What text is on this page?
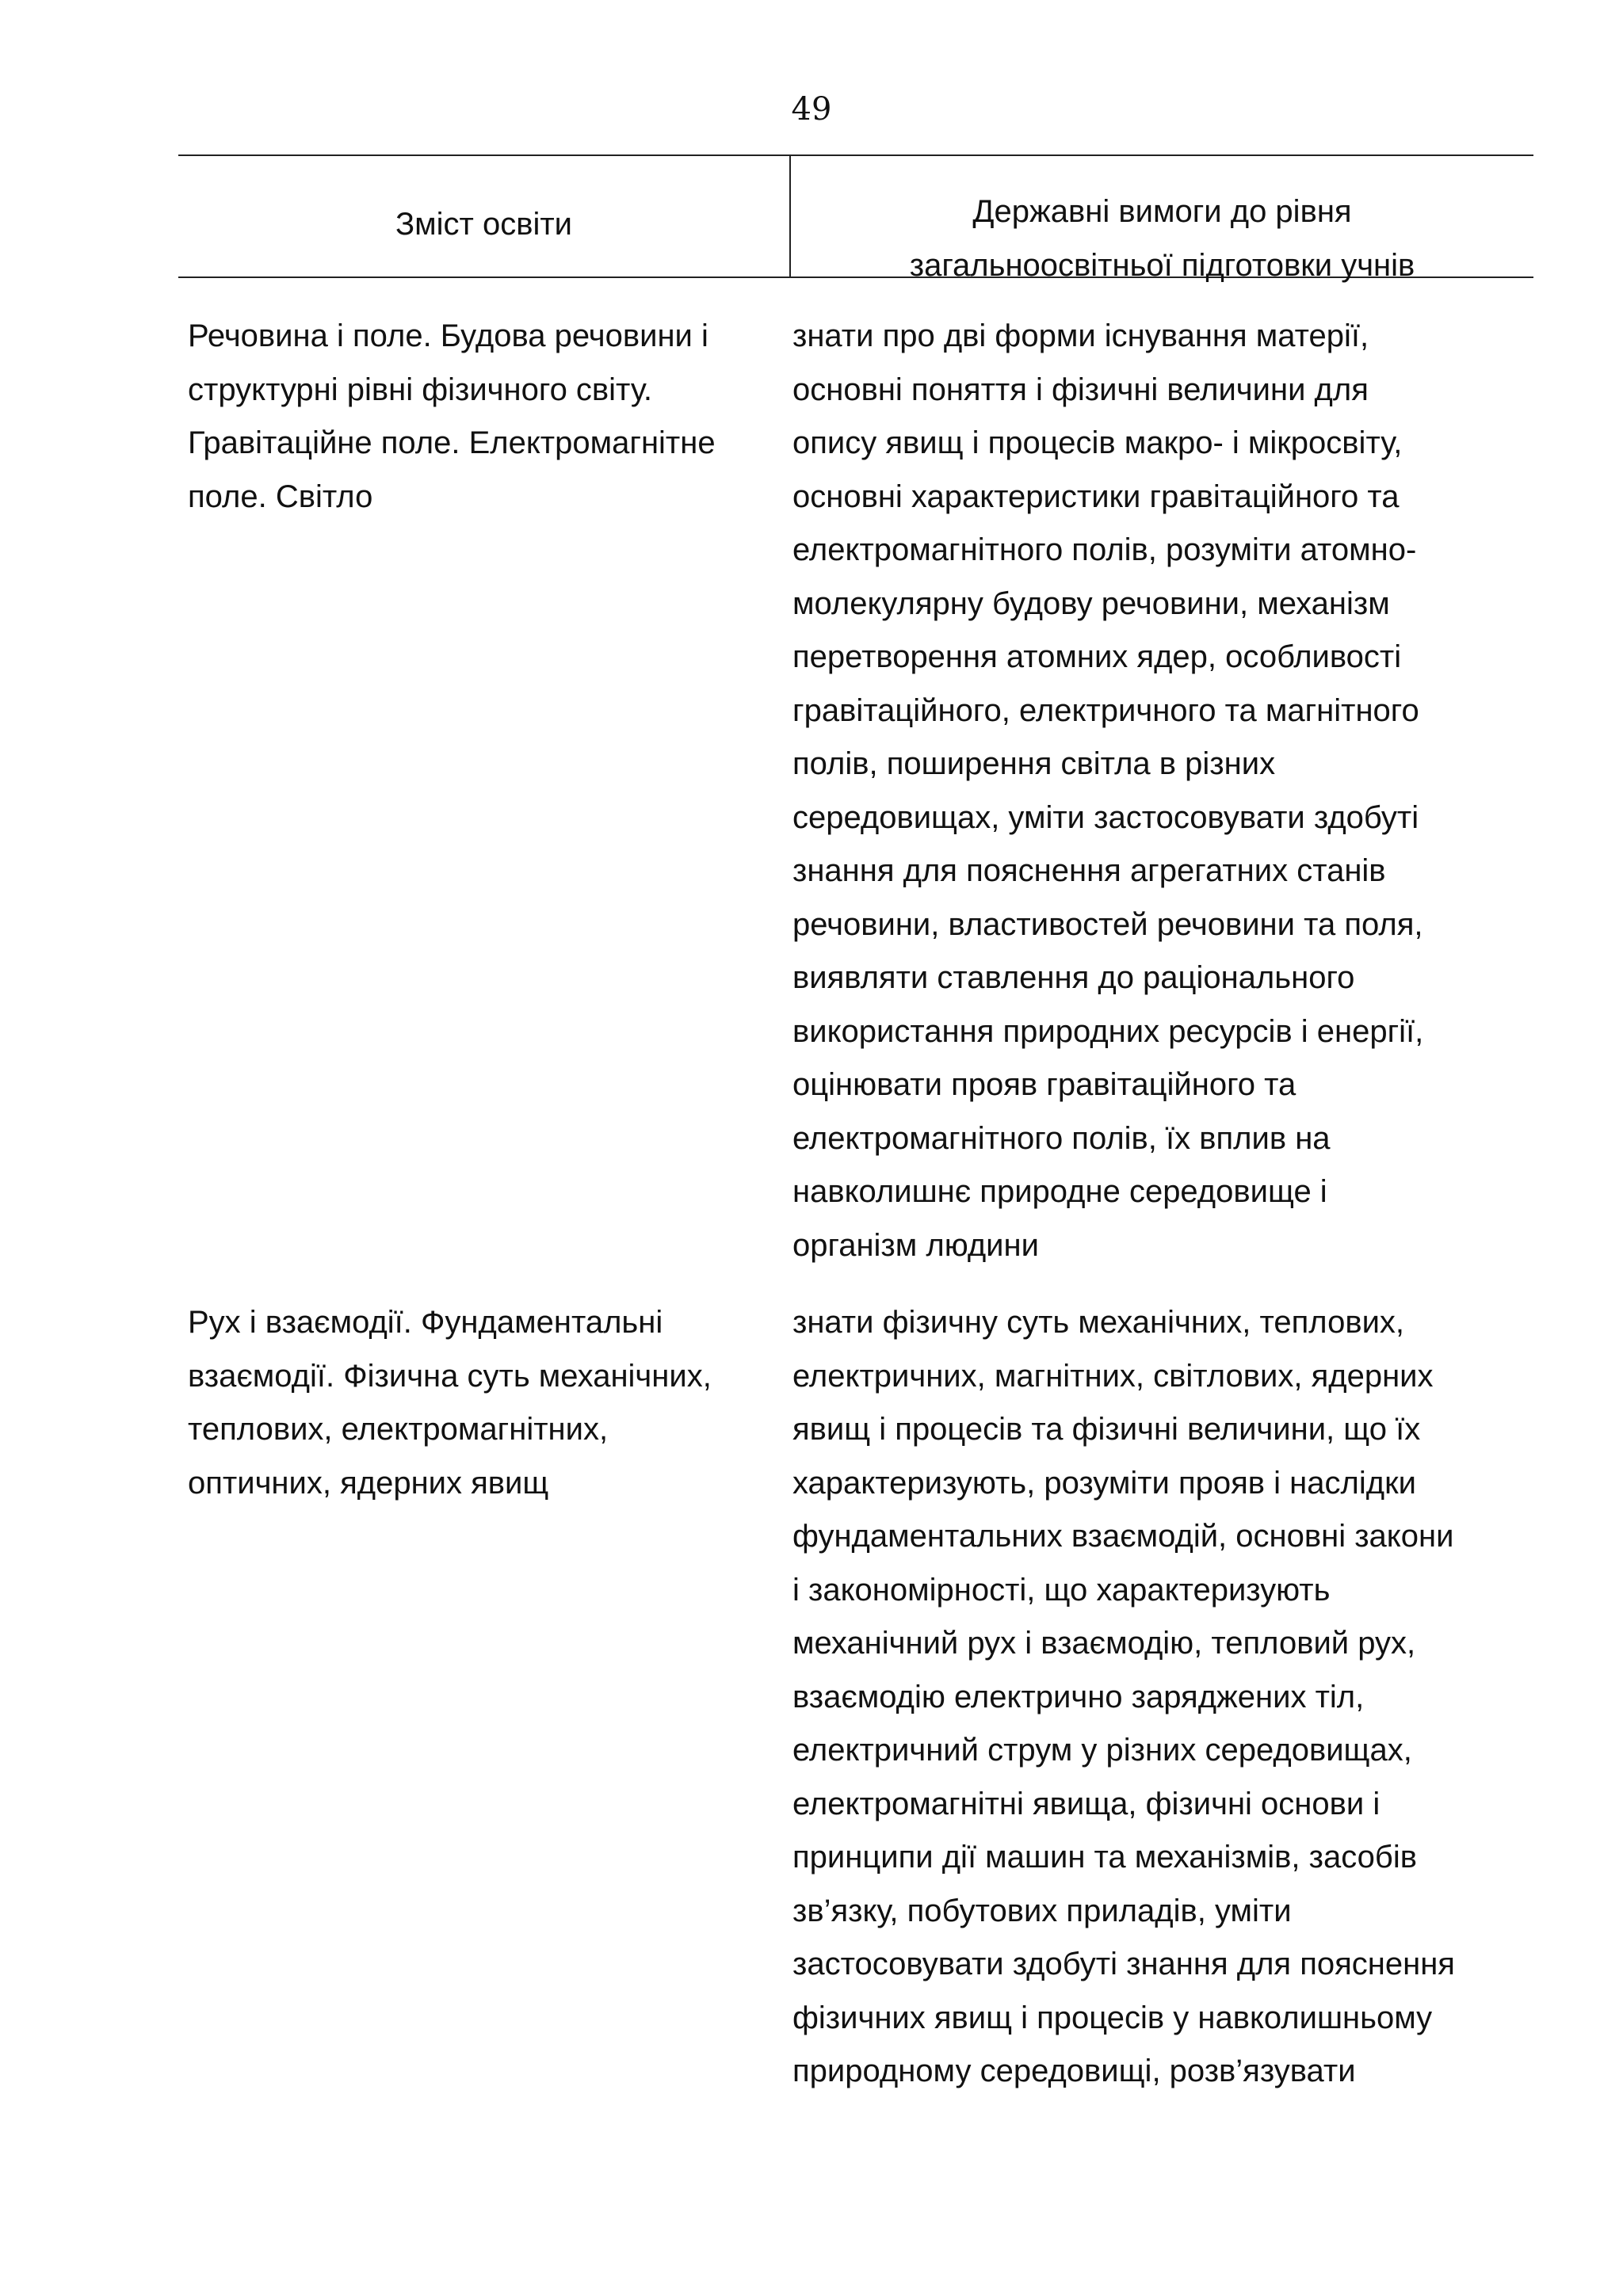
49
Зміст освіти	Державні вимоги до рівня
загальноосвітньої підготовки учнів
Речовина і поле. Будова речовини і
структурні рівні фізичного світу.
Гравітаційне поле. Електромагнітне
поле. Світло
знати про дві форми існування матерії,
основні поняття і фізичні величини для
опису явищ і процесів макро- і мікросвіту,
основні характеристики гравітаційного та
електромагнітного полів, розуміти атомно-
молекулярну будову речовини, механізм
перетворення атомних ядер, особливості
гравітаційного, електричного та магнітного
полів, поширення світла в різних
середовищах, уміти застосовувати здобуті
знання для пояснення агрегатних станів
речовини, властивостей речовини та поля,
виявляти ставлення до раціонального
використання природних ресурсів і енергії,
оцінювати прояв гравітаційного та
електромагнітного полів, їх вплив на
навколишнє природне середовище і
організм людини
Рух і взаємодії. Фундаментальні
взаємодії. Фізична суть механічних,
теплових, електромагнітних,
оптичних, ядерних явищ
знати фізичну суть механічних, теплових,
електричних, магнітних, світлових, ядерних
явищ і процесів та фізичні величини, що їх
характеризують, розуміти прояв і наслідки
фундаментальних взаємодій, основні закони
і закономірності, що характеризують
механічний рух і взаємодію, тепловий рух,
взаємодію електрично заряджених тіл,
електричний струм у різних середовищах,
електромагнітні явища, фізичні основи і
принципи дії машин та механізмів, засобів
зв’язку, побутових приладів, уміти
застосовувати здобуті знання для пояснення
фізичних явищ і процесів у навколишньому
природному середовищі, розв’язувати
